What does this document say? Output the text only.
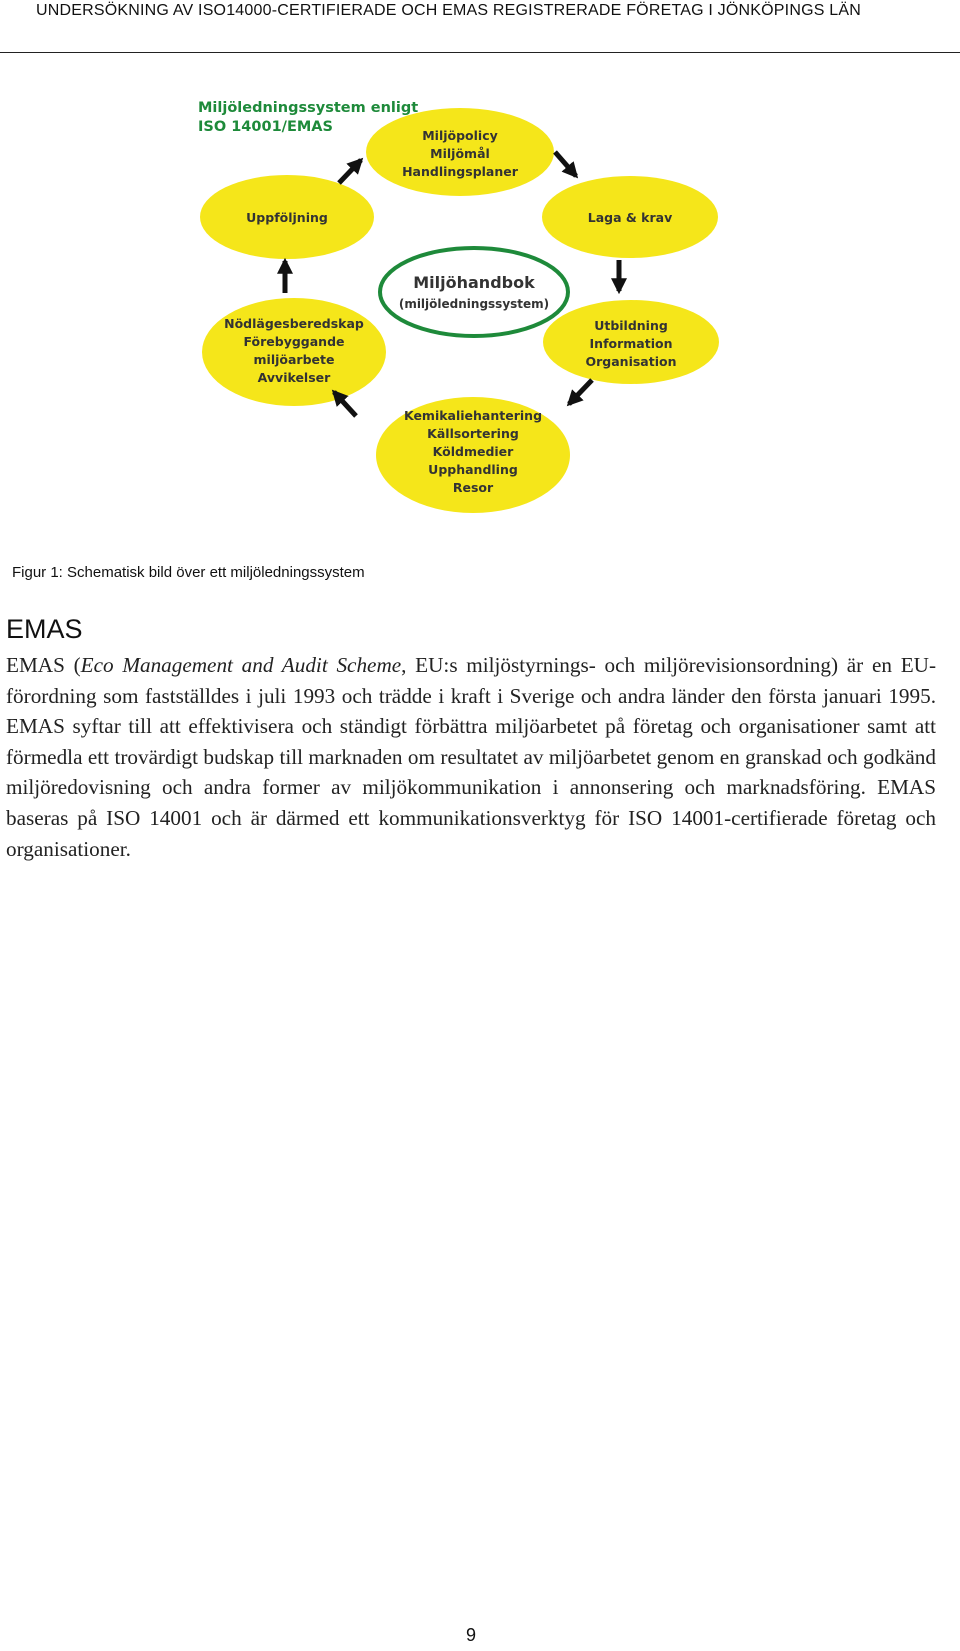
UNDERSÖKNING AV ISO14000-CERTIFIERADE OCH EMAS REGISTRERADE FÖRETAG I JÖNKÖPINGS LÄN
Miljöledningssystem enligt
ISO 14001/EMAS
Miljöpolicy
Miljömål
Handlingsplaner
Laga & krav
Utbildning
Information
Organisation
Kemikaliehantering
Källsortering
Köldmedier
Upphandling
Resor
Nödlägesberedskap
Förebyggande
miljöarbete
Avvikelser
Uppföljning
Miljöhandbok
(miljöledningssystem)
Figur 1: Schematisk bild över ett miljöledningssystem
EMAS
EMAS (Eco Management and Audit Scheme, EU:s miljöstyrnings- och miljörevisionsordning) är en EU-förordning som fastställdes i juli 1993 och trädde i kraft i Sverige och andra länder den första januari 1995. EMAS syftar till att effektivisera och ständigt förbättra miljöarbetet på företag och organisationer samt att förmedla ett trovärdigt budskap till marknaden om resultatet av miljöarbetet genom en granskad och godkänd miljöredovisning och andra former av miljökommunikation i annonsering och marknadsföring. EMAS baseras på ISO 14001 och är därmed ett kommunikationsverktyg för ISO 14001-certifierade företag och organisationer.
9
